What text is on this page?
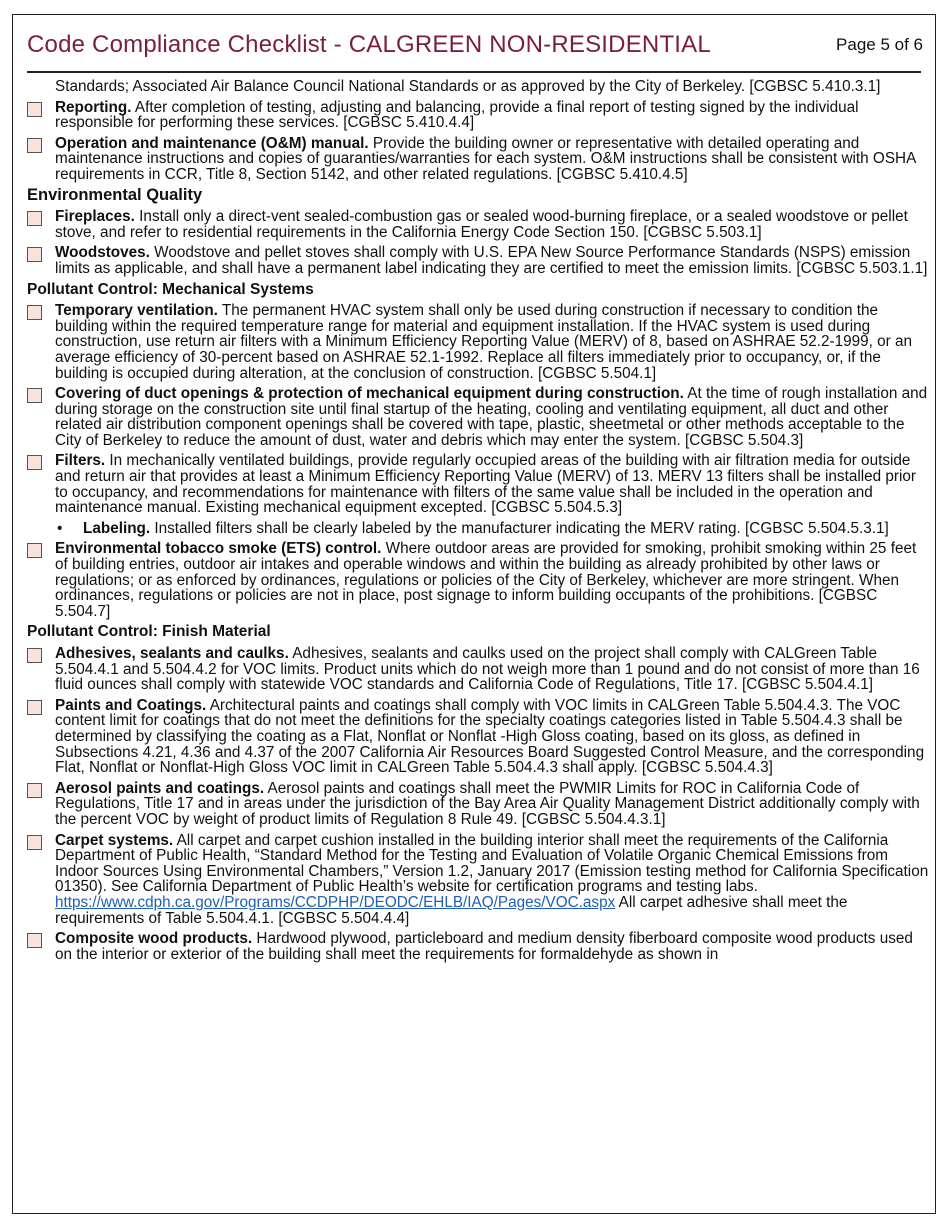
Code Compliance Checklist - CALGREEN NON-RESIDENTIAL	Page 5 of 6
Standards; Associated Air Balance Council National Standards or as approved by the City of Berkeley. [CGBSC 5.410.3.1]
Reporting. After completion of testing, adjusting and balancing, provide a final report of testing signed by the individual responsible for performing these services. [CGBSC 5.410.4.4]
Operation and maintenance (O&M) manual. Provide the building owner or representative with detailed operating and maintenance instructions and copies of guaranties/warranties for each system. O&M instructions shall be consistent with OSHA requirements in CCR, Title 8, Section 5142, and other related regulations. [CGBSC 5.410.4.5]
Environmental Quality
Fireplaces. Install only a direct-vent sealed-combustion gas or sealed wood-burning fireplace, or a sealed woodstove or pellet stove, and refer to residential requirements in the California Energy Code Section 150. [CGBSC 5.503.1]
Woodstoves. Woodstove and pellet stoves shall comply with U.S. EPA New Source Performance Standards (NSPS) emission limits as applicable, and shall have a permanent label indicating they are certified to meet the emission limits. [CGBSC 5.503.1.1]
Pollutant Control: Mechanical Systems
Temporary ventilation. The permanent HVAC system shall only be used during construction if necessary to condition the building within the required temperature range for material and equipment installation. If the HVAC system is used during construction, use return air filters with a Minimum Efficiency Reporting Value (MERV) of 8, based on ASHRAE 52.2-1999, or an average efficiency of 30-percent based on ASHRAE 52.1-1992. Replace all filters immediately prior to occupancy, or, if the building is occupied during alteration, at the conclusion of construction. [CGBSC 5.504.1]
Covering of duct openings & protection of mechanical equipment during construction. At the time of rough installation and during storage on the construction site until final startup of the heating, cooling and ventilating equipment, all duct and other related air distribution component openings shall be covered with tape, plastic, sheetmetal or other methods acceptable to the City of Berkeley to reduce the amount of dust, water and debris which may enter the system. [CGBSC 5.504.3]
Filters. In mechanically ventilated buildings, provide regularly occupied areas of the building with air filtration media for outside and return air that provides at least a Minimum Efficiency Reporting Value (MERV) of 13. MERV 13 filters shall be installed prior to occupancy, and recommendations for maintenance with filters of the same value shall be included in the operation and maintenance manual. Existing mechanical equipment excepted. [CGBSC 5.504.5.3]
• Labeling. Installed filters shall be clearly labeled by the manufacturer indicating the MERV rating. [CGBSC 5.504.5.3.1]
Environmental tobacco smoke (ETS) control. Where outdoor areas are provided for smoking, prohibit smoking within 25 feet of building entries, outdoor air intakes and operable windows and within the building as already prohibited by other laws or regulations; or as enforced by ordinances, regulations or policies of the City of Berkeley, whichever are more stringent. When ordinances, regulations or policies are not in place, post signage to inform building occupants of the prohibitions. [CGBSC 5.504.7]
Pollutant Control: Finish Material
Adhesives, sealants and caulks. Adhesives, sealants and caulks used on the project shall comply with CALGreen Table 5.504.4.1 and 5.504.4.2 for VOC limits. Product units which do not weigh more than 1 pound and do not consist of more than 16 fluid ounces shall comply with statewide VOC standards and California Code of Regulations, Title 17. [CGBSC 5.504.4.1]
Paints and Coatings. Architectural paints and coatings shall comply with VOC limits in CALGreen Table 5.504.4.3. The VOC content limit for coatings that do not meet the definitions for the specialty coatings categories listed in Table 5.504.4.3 shall be determined by classifying the coating as a Flat, Nonflat or Nonflat -High Gloss coating, based on its gloss, as defined in Subsections 4.21, 4.36 and 4.37 of the 2007 California Air Resources Board Suggested Control Measure, and the corresponding Flat, Nonflat or Nonflat-High Gloss VOC limit in CALGreen Table 5.504.4.3 shall apply. [CGBSC 5.504.4.3]
Aerosol paints and coatings. Aerosol paints and coatings shall meet the PWMIR Limits for ROC in California Code of Regulations, Title 17 and in areas under the jurisdiction of the Bay Area Air Quality Management District additionally comply with the percent VOC by weight of product limits of Regulation 8 Rule 49. [CGBSC 5.504.4.3.1]
Carpet systems. All carpet and carpet cushion installed in the building interior shall meet the requirements of the California Department of Public Health, “Standard Method for the Testing and Evaluation of Volatile Organic Chemical Emissions from Indoor Sources Using Environmental Chambers,” Version 1.2, January 2017 (Emission testing method for California Specification 01350). See California Department of Public Health’s website for certification programs and testing labs. https://www.cdph.ca.gov/Programs/CCDPHP/DEODC/EHLB/IAQ/Pages/VOC.aspx All carpet adhesive shall meet the requirements of Table 5.504.4.1. [CGBSC 5.504.4.4]
Composite wood products. Hardwood plywood, particleboard and medium density fiberboard composite wood products used on the interior or exterior of the building shall meet the requirements for formaldehyde as shown in
